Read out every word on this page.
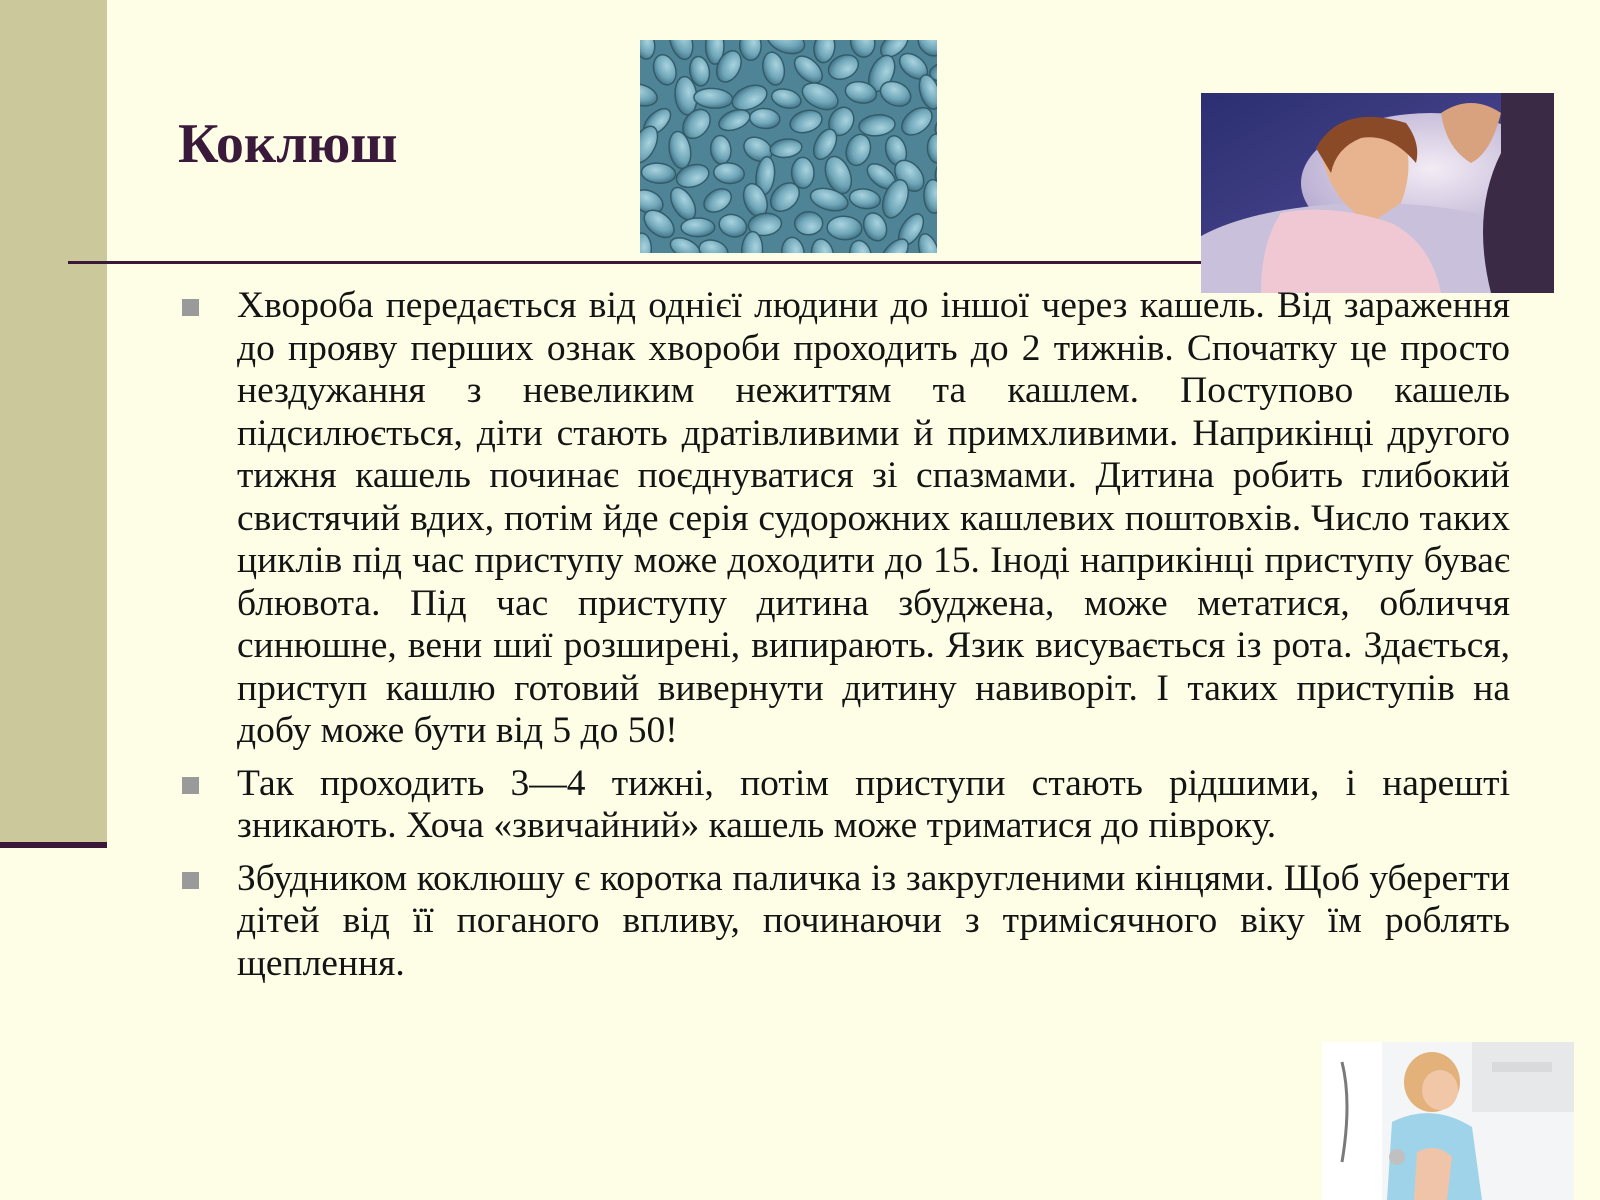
Коклюш
Хвороба передається від однієї людини до іншої через кашель. Від зараження до прояву перших ознак хвороби проходить до 2 тижнів. Спочатку це просто нездужання з невеликим нежиттям та кашлем. Поступово кашель підсилюється, діти стають дратівливими й примхливими. Наприкінці другого тижня кашель починає поєднуватися зі спазмами. Дитина робить глибокий свистячий вдих, потім йде серія судорожних кашлевих поштовхів. Число таких циклів під час приступу може доходити до 15. Іноді наприкінці приступу буває блювота. Під час приступу дитина збуджена, може метатися, обличчя синюшне, вени шиї розширені, випирають. Язик висувається із рота. Здається, приступ кашлю готовий вивернути дитину навиворіт. І таких приступів на добу може бути від 5 до 50!
Так проходить 3—4 тижні, потім приступи стають рідшими, і нарешті зникають. Хоча «звичайний» кашель може триматися до півроку.
Збудником коклюшу є коротка паличка із закругленими кінцями. Щоб уберегти дітей від її поганого впливу, починаючи з тримісячного віку їм роблять щеплення.
